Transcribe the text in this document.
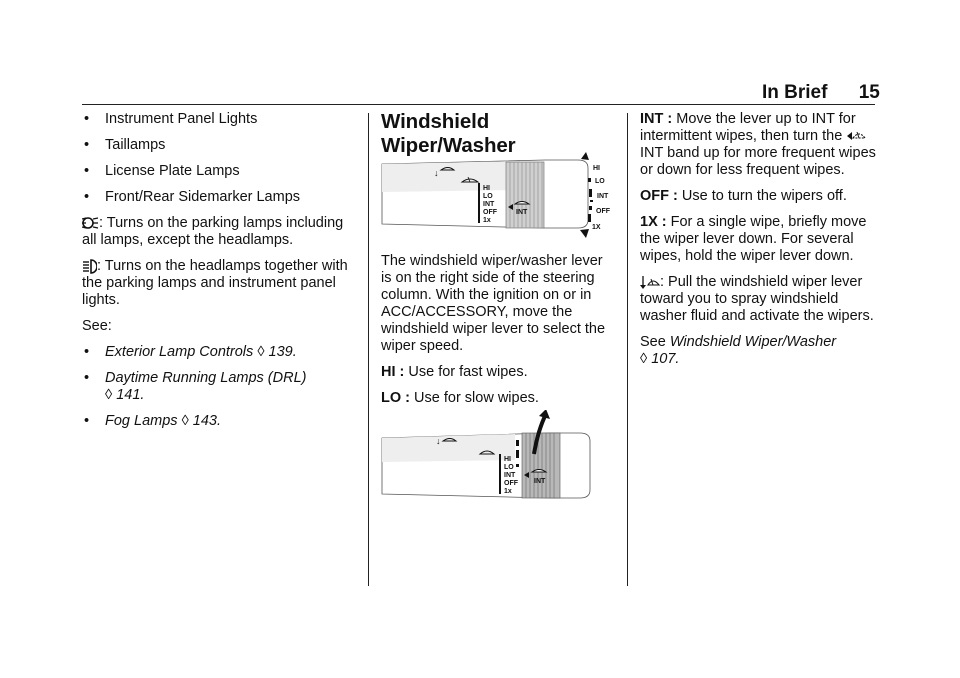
In Brief 15
•	Instrument Panel Lights
•	Taillamps
•	License Plate Lamps
•	Front/Rear Sidemarker Lamps
: Turns on the parking lamps including all lamps, except the headlamps.
: Turns on the headlamps together with the parking lamps and instrument panel lights.
See:
•	Exterior Lamp Controls ◊ 139.
•	Daytime Running Lamps (DRL)
◊ 141.
•	Fog Lamps ◊ 143.
Windshield Wiper/Washer
↓
HI
LO
INT
OFF
1x
INT
HI
LO
INT
OFF
1X
The windshield wiper/washer lever is on the right side of the steering column. With the ignition on or in ACC/ACCESSORY, move the windshield wiper lever to select the wiper speed.
HI : Use for fast wipes.
LO : Use for slow wipes.
↓
HI
LO
INT
OFF
1x
INT
INT : Move the lever up to INT for intermittent wipes, then turn the  INT band up for more frequent wipes or down for less frequent wipes.
OFF : Use to turn the wipers off.
1X : For a single wipe, briefly move the wiper lever down. For several wipes, hold the wiper lever down.
: Pull the windshield wiper lever toward you to spray windshield washer fluid and activate the wipers.
See Windshield Wiper/Washer
◊ 107.
